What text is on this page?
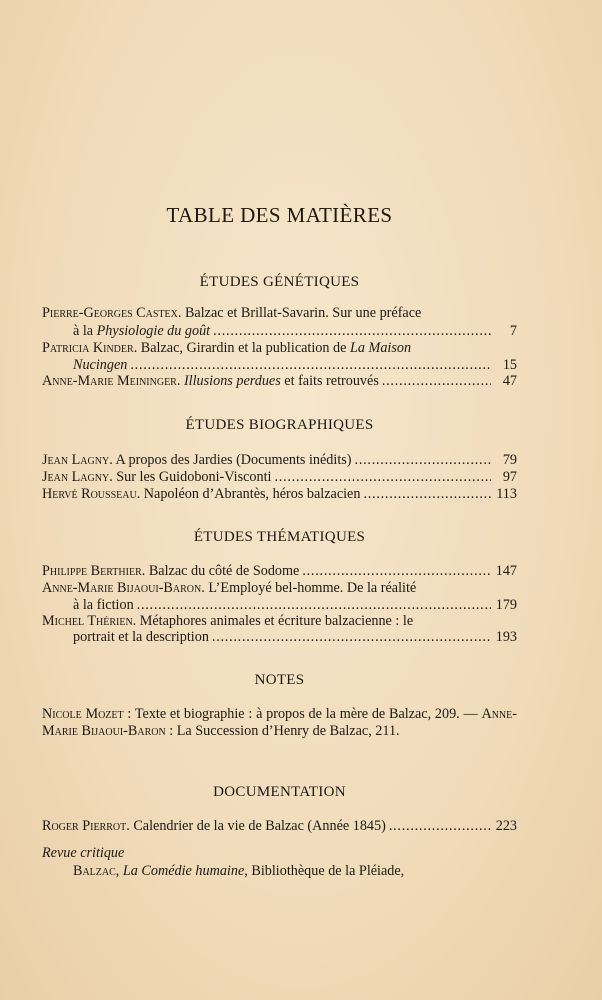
TABLE DES MATIÈRES
ÉTUDES GÉNÉTIQUES
Pierre-Georges Castex. Balzac et Brillat-Savarin. Sur une préface
à la Physiologie du goût . . .	7
Patricia Kinder. Balzac, Girardin et la publication de La Maison
Nucingen . . .	15
Anne-Marie Meininger. Illusions perdues et faits retrouvés . . .	47
ÉTUDES BIOGRAPHIQUES
Jean Lagny. A propos des Jardies (Documents inédits) . . .	79
Jean Lagny. Sur les Guidoboni-Visconti . . .	97
Hervé Rousseau. Napoléon d’Abrantès, héros balzacien . . .	113
ÉTUDES THÉMATIQUES
Philippe Berthier. Balzac du côté de Sodome . . .	147
Anne-Marie Bijaoui-Baron. L’Employé bel-homme. De la réalité
à la fiction . . .	179
Michel Thérien. Métaphores animales et écriture balzacienne : le
portrait et la description . . .	193
NOTES

Nicole Mozet : Texte et biographie : à propos de la mère de Balzac, 209. — Anne-Marie Bijaoui-Baron : La Succession d’Henry de Balzac, 211.

DOCUMENTATION
Roger Pierrot. Calendrier de la vie de Balzac (Année 1845) . . .	223

Revue critique

Balzac, La Comédie humaine, Bibliothèque de la Pléiade,
